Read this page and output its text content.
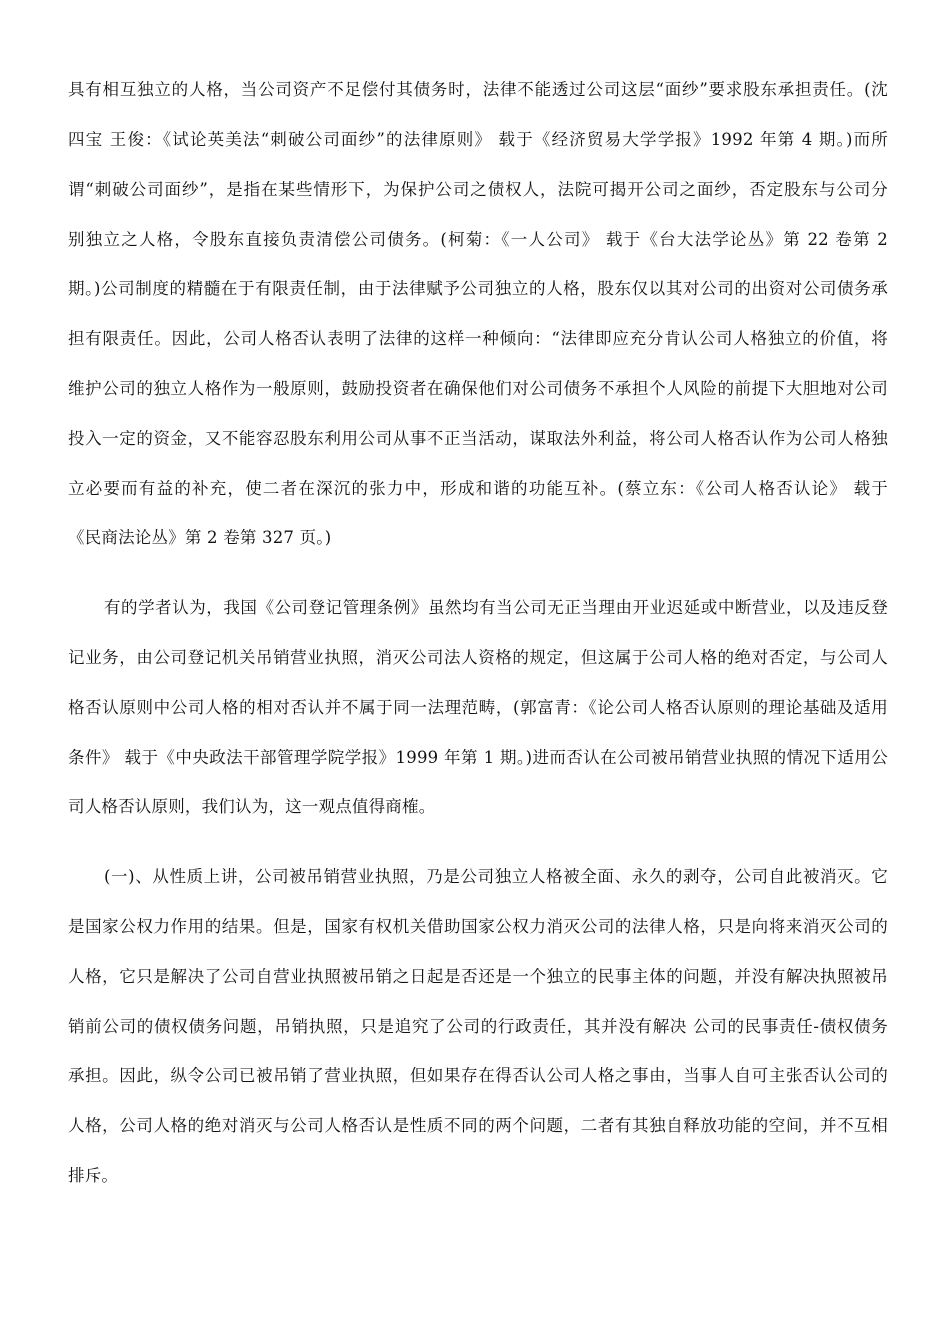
具有相互独立的人格，当公司资产不足偿付其债务时，法律不能透过公司这层“面纱”要求股东承担责任。(沈
四宝 王俊：《试论英美法“刺破公司面纱”的法律原则》 载于《经济贸易大学学报》1992 年第 4 期。)而所
谓“刺破公司面纱”，是指在某些情形下，为保护公司之债权人，法院可揭开公司之面纱，否定股东与公司分
别独立之人格，令股东直接负责清偿公司债务。(柯菊：《一人公司》 载于《台大法学论丛》第 22 卷第 2
期。)公司制度的精髓在于有限责任制，由于法律赋予公司独立的人格，股东仅以其对公司的出资对公司债务承
担有限责任。因此，公司人格否认表明了法律的这样一种倾向：“法律即应充分肯认公司人格独立的价值，将
维护公司的独立人格作为一般原则，鼓励投资者在确保他们对公司债务不承担个人风险的前提下大胆地对公司
投入一定的资金，又不能容忍股东利用公司从事不正当活动，谋取法外利益，将公司人格否认作为公司人格独
立必要而有益的补充，使二者在深沉的张力中，形成和谐的功能互补。(蔡立东：《公司人格否认论》 载于
《民商法论丛》第 2 卷第 327 页。)
有的学者认为，我国《公司登记管理条例》虽然均有当公司无正当理由开业迟延或中断营业，以及违反登
记业务，由公司登记机关吊销营业执照，消灭公司法人资格的规定，但这属于公司人格的绝对否定，与公司人
格否认原则中公司人格的相对否认并不属于同一法理范畴，(郭富青：《论公司人格否认原则的理论基础及适用
条件》 载于《中央政法干部管理学院学报》1999 年第 1 期。)进而否认在公司被吊销营业执照的情况下适用公
司人格否认原则，我们认为，这一观点值得商榷。
(一)、从性质上讲，公司被吊销营业执照，乃是公司独立人格被全面、永久的剥夺，公司自此被消灭。它
是国家公权力作用的结果。但是，国家有权机关借助国家公权力消灭公司的法律人格，只是向将来消灭公司的
人格，它只是解决了公司自营业执照被吊销之日起是否还是一个独立的民事主体的问题，并没有解决执照被吊
销前公司的债权债务问题，吊销执照，只是追究了公司的行政责任，其并没有解决 公司的民事责任-债权债务
承担。因此，纵令公司已被吊销了营业执照，但如果存在得否认公司人格之事由，当事人自可主张否认公司的
人格，公司人格的绝对消灭与公司人格否认是性质不同的两个问题，二者有其独自释放功能的空间，并不互相
排斥。
